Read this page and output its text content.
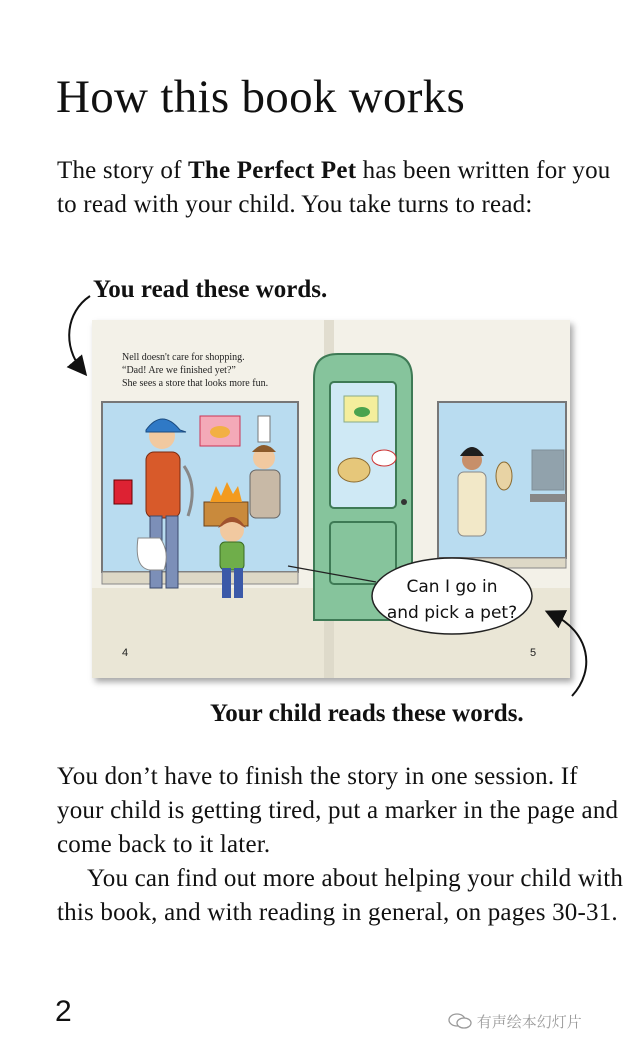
How this book works

The story of The Perfect Pet has been written for you to read with your child. You take turns to read:

You read these words.
Nell doesn't care for shopping.
“Dad! Are we finished yet?”
She sees a store that looks more fun.
Can I go in
and pick a pet?
4	5
Your child reads these words.

You don’t have to finish the story in one session. If your child is getting tired, put a marker in the page and come back to it later.

You can find out more about helping your child with this book, and with reading in general, on pages 30-31.

2	有声绘本幻灯片
